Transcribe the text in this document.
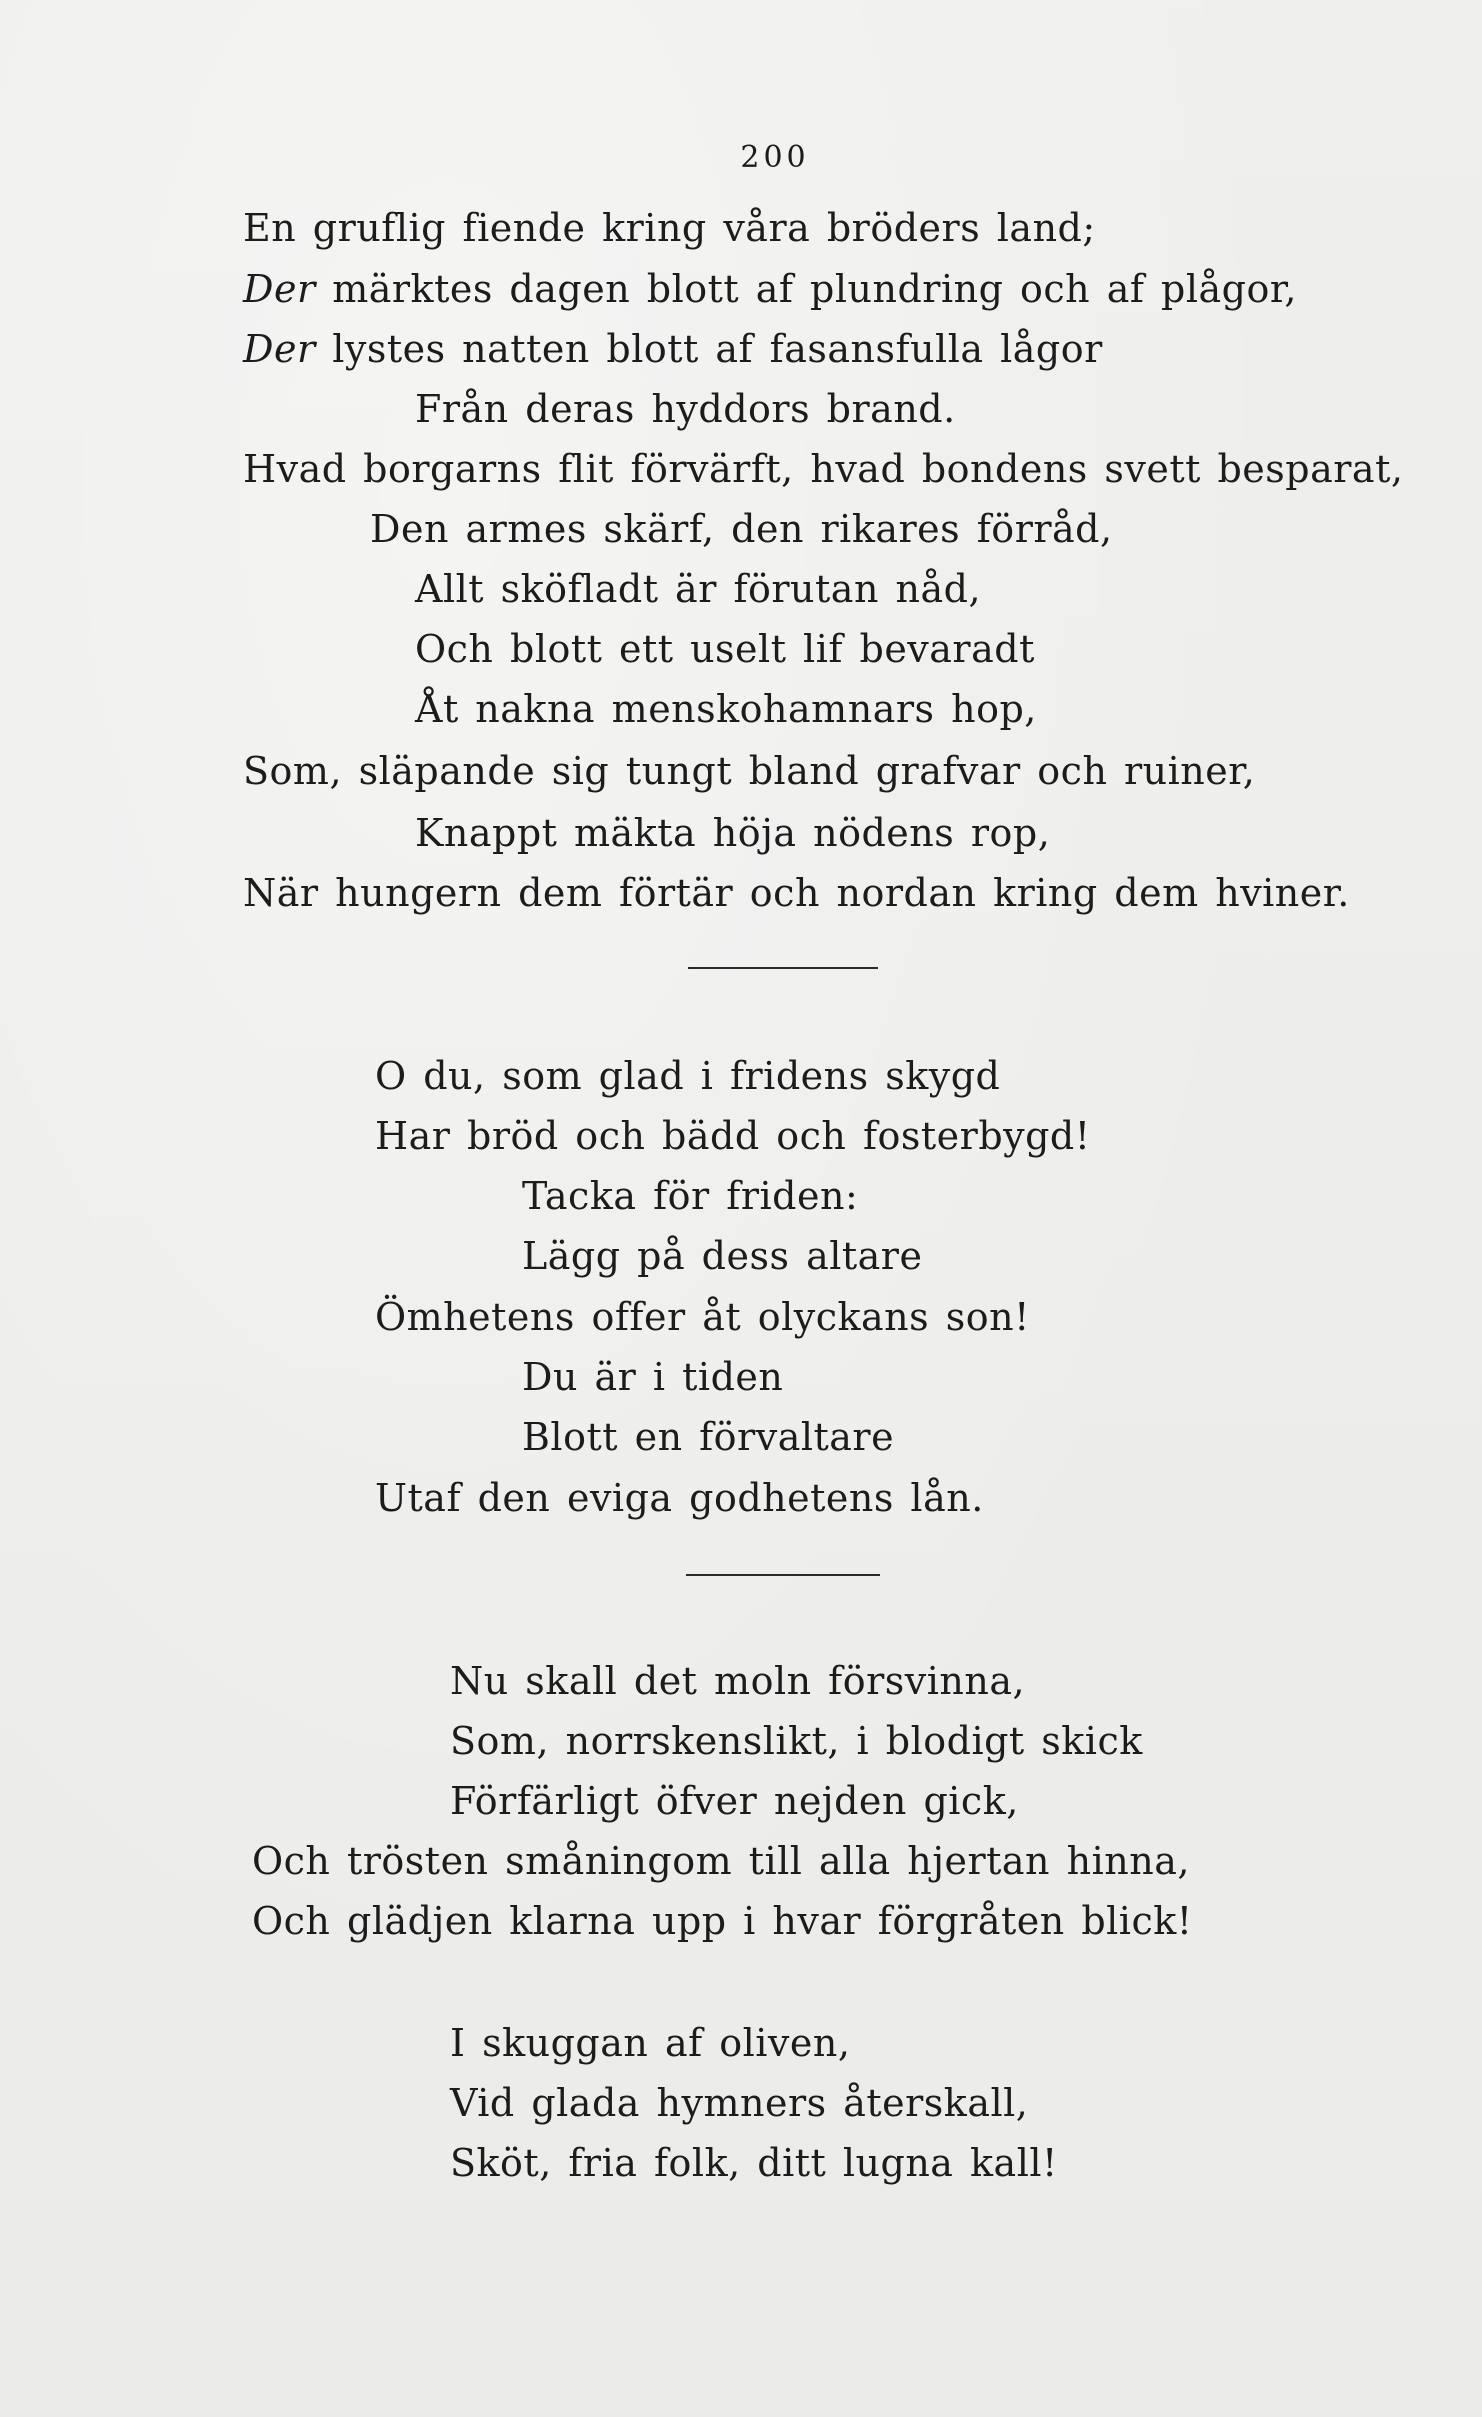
200
En gruflig fiende kring våra bröders land;
Der märktes dagen blott af plundring och af plågor,
Der lystes natten blott af fasansfulla lågor
Från deras hyddors brand.
Hvad borgarns flit förvärft, hvad bondens svett besparat,
Den armes skärf, den rikares förråd,
Allt sköfladt är förutan nåd,
Och blott ett uselt lif bevaradt
Åt nakna menskohamnars hop,
Som, släpande sig tungt bland grafvar och ruiner,
Knappt mäkta höja nödens rop,
När hungern dem förtär och nordan kring dem hviner.
O du, som glad i fridens skygd
Har bröd och bädd och fosterbygd!
Tacka för friden:
Lägg på dess altare
Ömhetens offer åt olyckans son!
Du är i tiden
Blott en förvaltare
Utaf den eviga godhetens lån.
Nu skall det moln försvinna,
Som, norrskenslikt, i blodigt skick
Förfärligt öfver nejden gick,
Och trösten småningom till alla hjertan hinna,
Och glädjen klarna upp i hvar förgråten blick!
I skuggan af oliven,
Vid glada hymners återskall,
Sköt, fria folk, ditt lugna kall!
